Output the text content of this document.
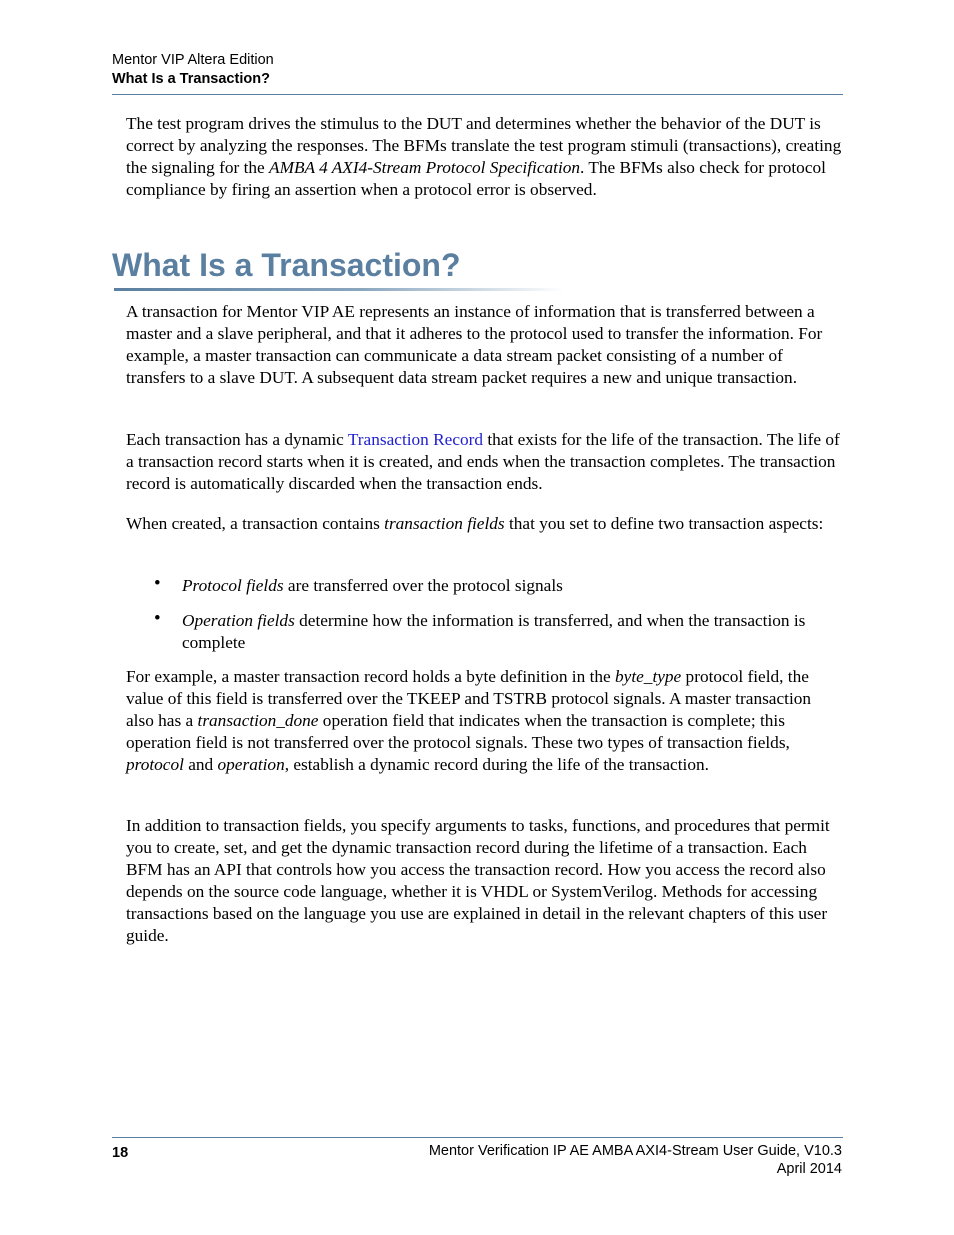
Mentor VIP Altera Edition
What Is a Transaction?

The test program drives the stimulus to the DUT and determines whether the behavior of the DUT is correct by analyzing the responses. The BFMs translate the test program stimuli (transactions), creating the signaling for the AMBA 4 AXI4-Stream Protocol Specification. The BFMs also check for protocol compliance by firing an assertion when a protocol error is observed.

What Is a Transaction?

A transaction for Mentor VIP AE represents an instance of information that is transferred between a master and a slave peripheral, and that it adheres to the protocol used to transfer the information. For example, a master transaction can communicate a data stream packet consisting of a number of transfers to a slave DUT. A subsequent data stream packet requires a new and unique transaction.

Each transaction has a dynamic Transaction Record that exists for the life of the transaction. The life of a transaction record starts when it is created, and ends when the transaction completes. The transaction record is automatically discarded when the transaction ends.

When created, a transaction contains transaction fields that you set to define two transaction aspects:

• Protocol fields are transferred over the protocol signals
• Operation fields determine how the information is transferred, and when the transaction is complete

For example, a master transaction record holds a byte definition in the byte_type protocol field, the value of this field is transferred over the TKEEP and TSTRB protocol signals. A master transaction also has a transaction_done operation field that indicates when the transaction is complete; this operation field is not transferred over the protocol signals. These two types of transaction fields, protocol and operation, establish a dynamic record during the life of the transaction.

In addition to transaction fields, you specify arguments to tasks, functions, and procedures that permit you to create, set, and get the dynamic transaction record during the lifetime of a transaction. Each BFM has an API that controls how you access the transaction record. How you access the record also depends on the source code language, whether it is VHDL or SystemVerilog. Methods for accessing transactions based on the language you use are explained in detail in the relevant chapters of this user guide.

18	Mentor Verification IP AE AMBA AXI4-Stream User Guide, V10.3
April 2014
